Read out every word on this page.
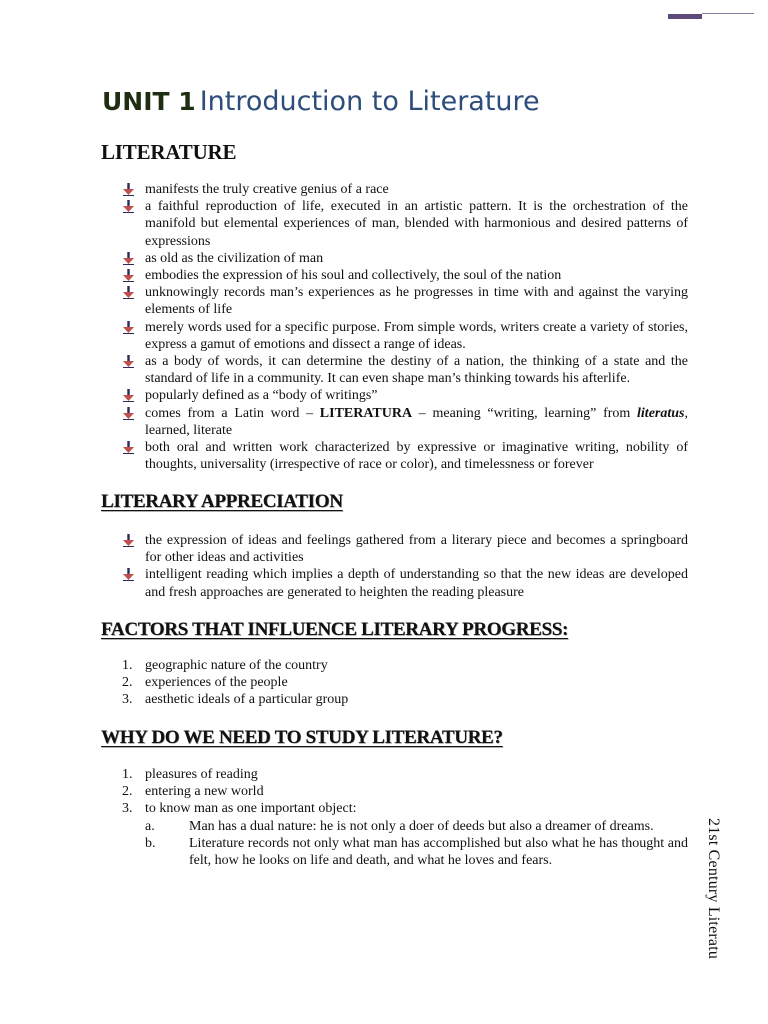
UNIT 1 Introduction to Literature
LITERATURE
manifests the truly creative genius of a race
a faithful reproduction of life, executed in an artistic pattern. It is the orchestration of the manifold but elemental experiences of man, blended with harmonious and desired patterns of expressions
as old as the civilization of man
embodies the expression of his soul and collectively, the soul of the nation
unknowingly records man’s experiences as he progresses in time with and against the varying elements of life
merely words used for a specific purpose. From simple words, writers create a variety of stories, express a gamut of emotions and dissect a range of ideas.
as a body of words, it can determine the destiny of a nation, the thinking of a state and the standard of life in a community. It can even shape man’s thinking towards his afterlife.
popularly defined as a “body of writings”
comes from a Latin word – LITERATURA – meaning “writing, learning” from literatus, learned, literate
both oral and written work characterized by expressive or imaginative writing, nobility of thoughts, universality (irrespective of race or color), and timelessness or forever
LITERARY APPRECIATION
the expression of ideas and feelings gathered from a literary piece and becomes a springboard for other ideas and activities
intelligent reading which implies a depth of understanding so that the new ideas are developed and fresh approaches are generated to heighten the reading pleasure
FACTORS THAT INFLUENCE LITERARY PROGRESS:
1. geographic nature of the country
2. experiences of the people
3. aesthetic ideals of a particular group
WHY DO WE NEED TO STUDY LITERATURE?
1. pleasures of reading
2. entering a new world
3. to know man as one important object:
a. Man has a dual nature: he is not only a doer of deeds but also a dreamer of dreams.
b. Literature records not only what man has accomplished but also what he has thought and felt, how he looks on life and death, and what he loves and fears.	21st Century Literatu
